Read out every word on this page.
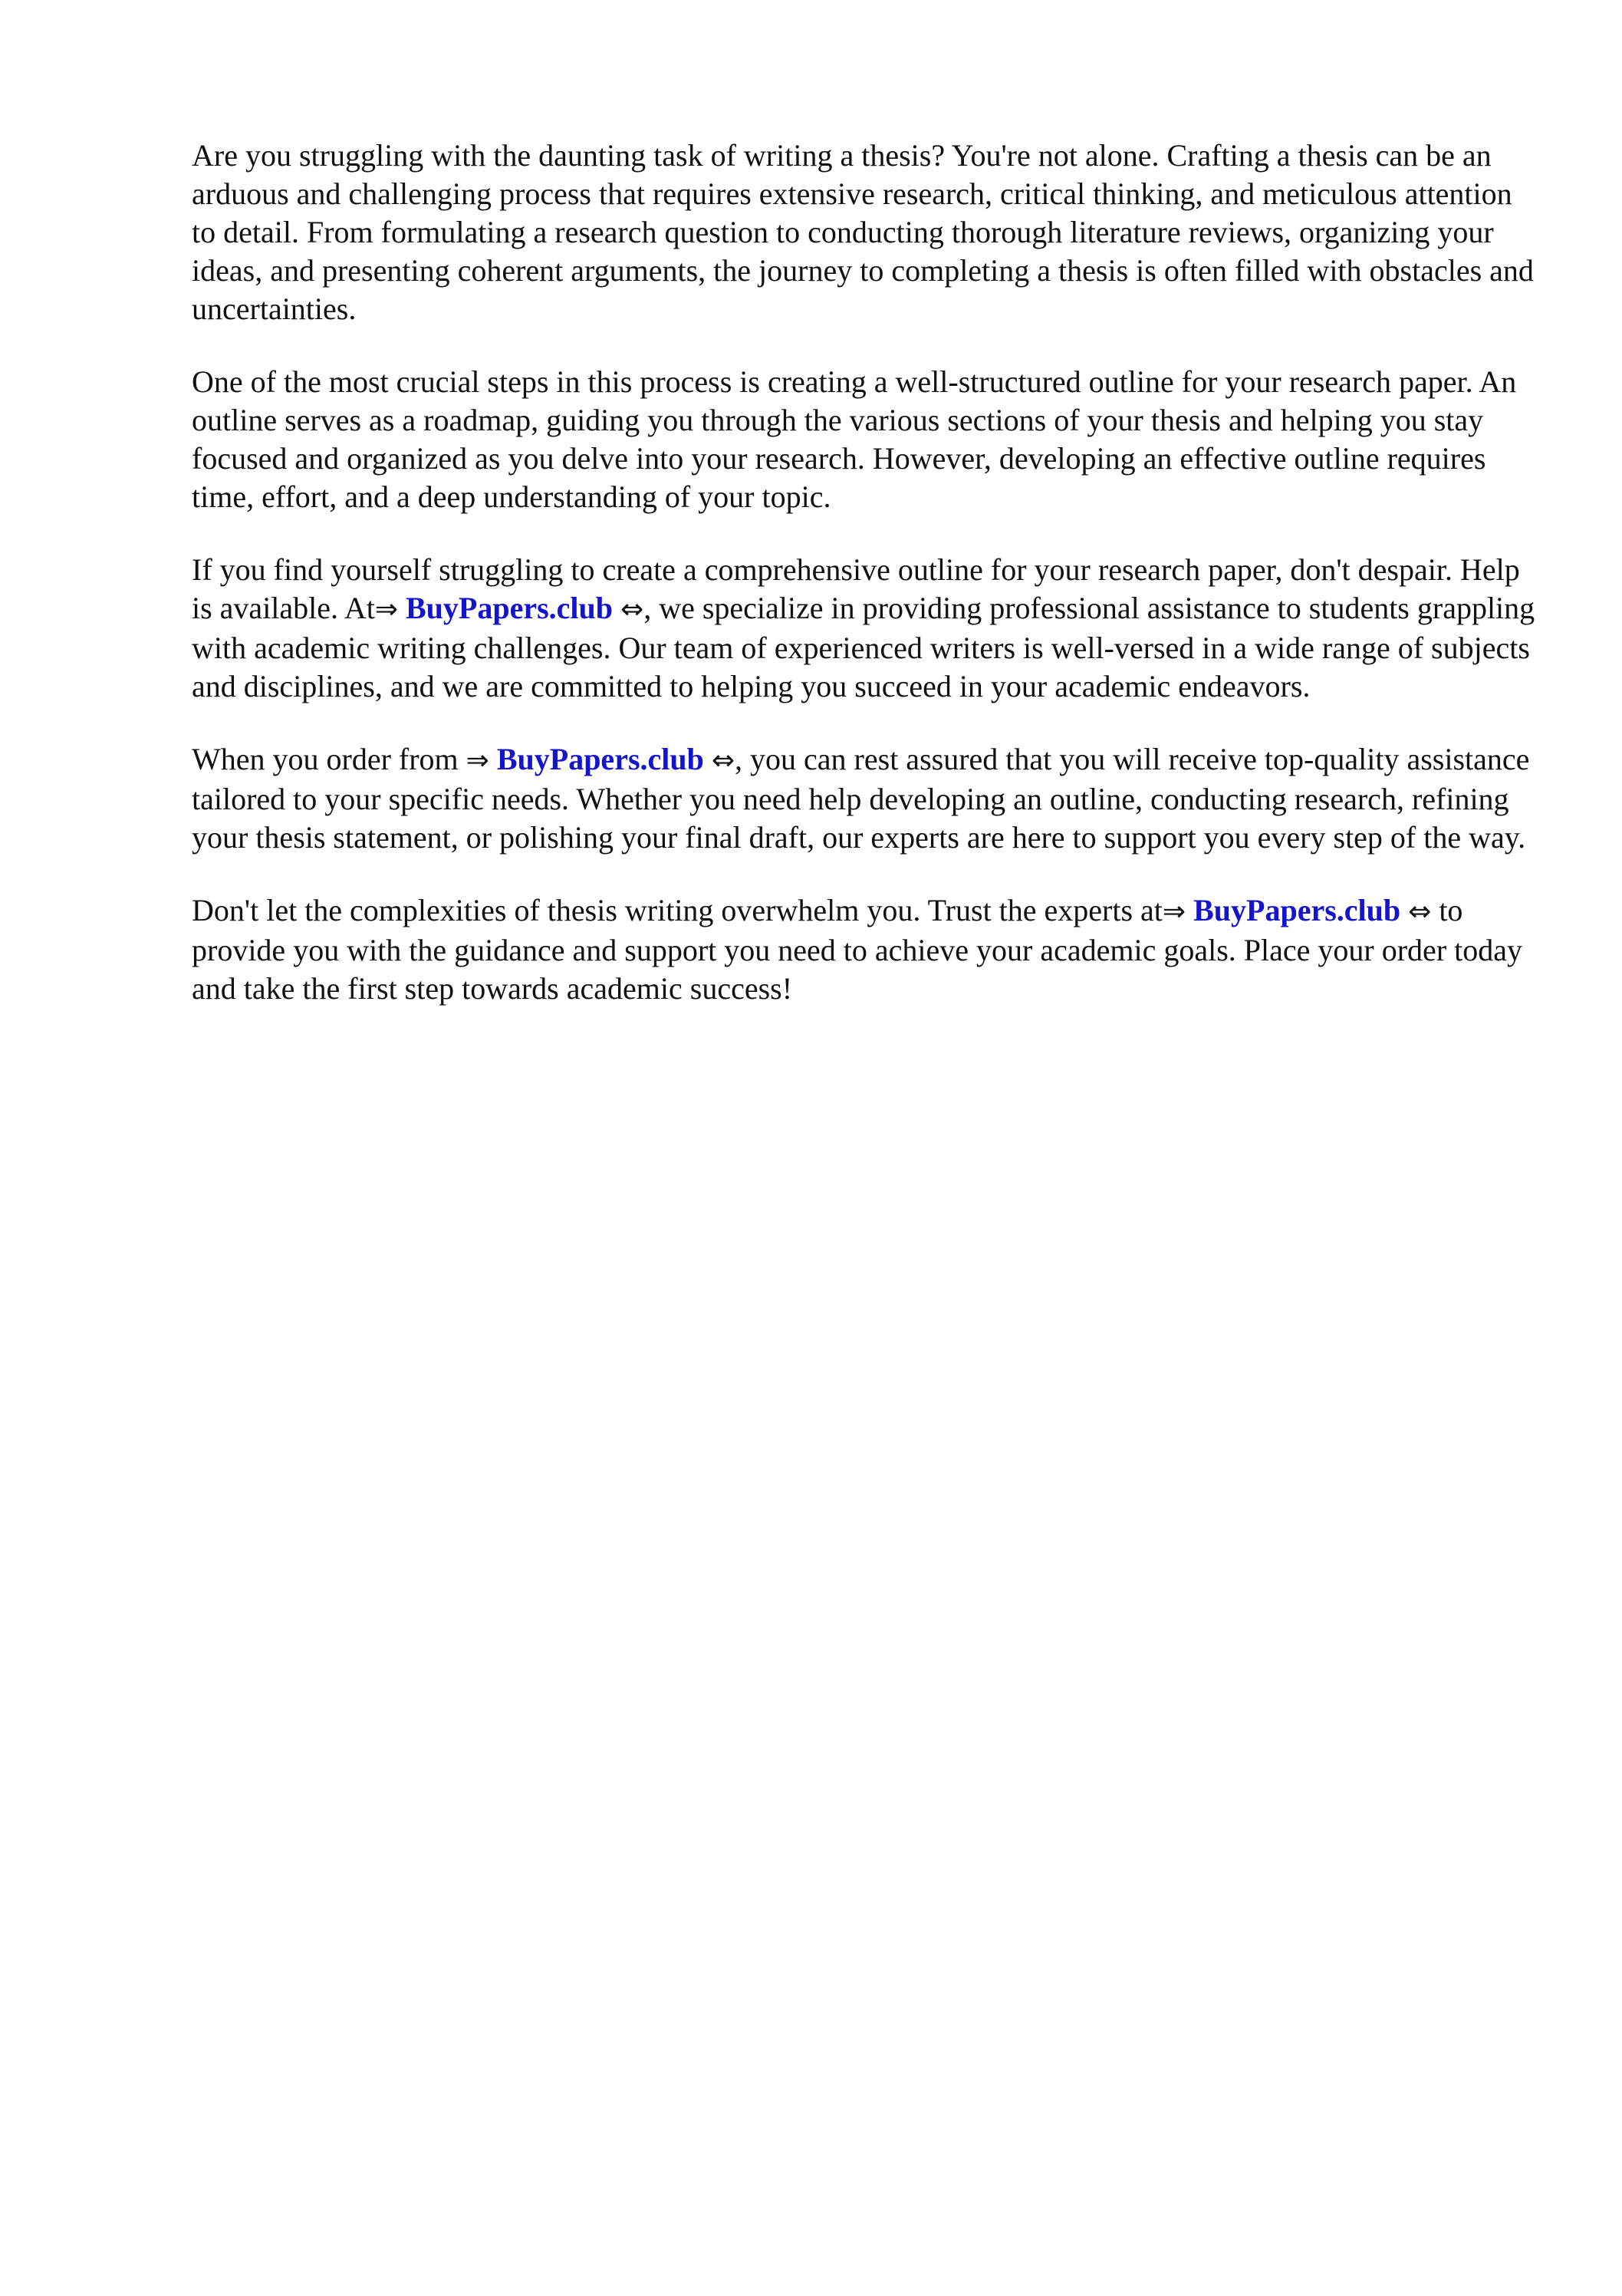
Are you struggling with the daunting task of writing a thesis? You're not alone. Crafting a thesis can be an arduous and challenging process that requires extensive research, critical thinking, and meticulous attention to detail. From formulating a research question to conducting thorough literature reviews, organizing your ideas, and presenting coherent arguments, the journey to completing a thesis is often filled with obstacles and uncertainties.

One of the most crucial steps in this process is creating a well-structured outline for your research paper. An outline serves as a roadmap, guiding you through the various sections of your thesis and helping you stay focused and organized as you delve into your research. However, developing an effective outline requires time, effort, and a deep understanding of your topic.

If you find yourself struggling to create a comprehensive outline for your research paper, don't despair. Help is available. At⇒ BuyPapers.club ⇔, we specialize in providing professional assistance to students grappling with academic writing challenges. Our team of experienced writers is well-versed in a wide range of subjects and disciplines, and we are committed to helping you succeed in your academic endeavors.

When you order from ⇒ BuyPapers.club ⇔, you can rest assured that you will receive top-quality assistance tailored to your specific needs. Whether you need help developing an outline, conducting research, refining your thesis statement, or polishing your final draft, our experts are here to support you every step of the way.

Don't let the complexities of thesis writing overwhelm you. Trust the experts at⇒ BuyPapers.club ⇔ to provide you with the guidance and support you need to achieve your academic goals. Place your order today and take the first step towards academic success!
